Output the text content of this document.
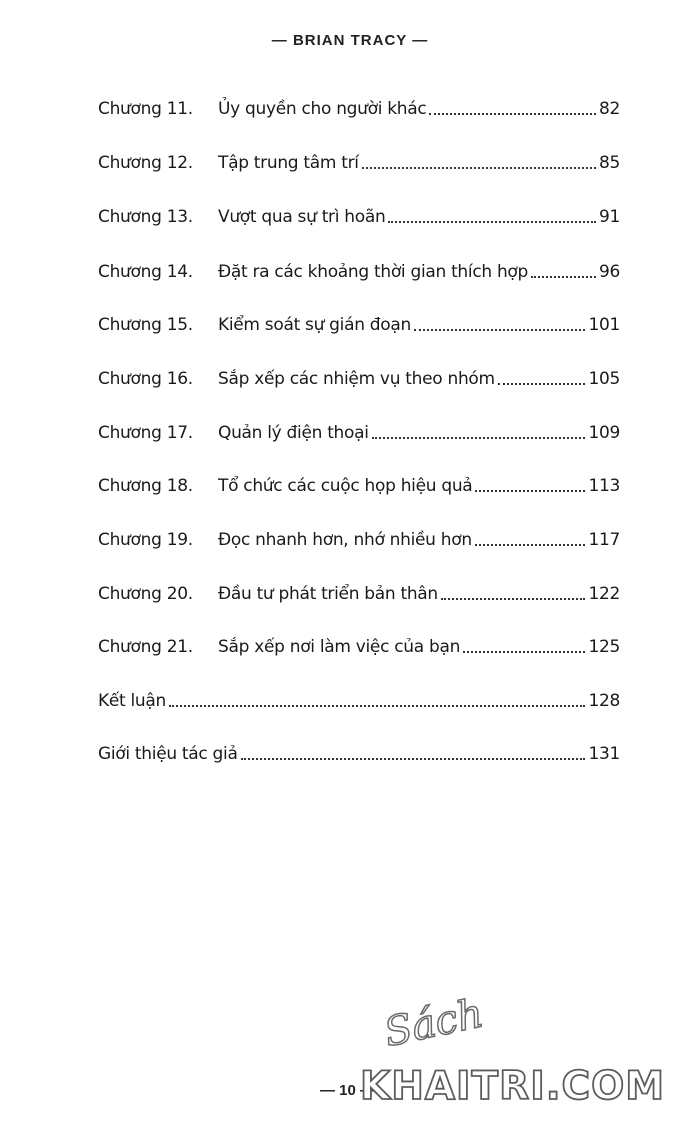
— BRIAN TRACY —
Chương 11.	Ủy quyền cho người khác	82
Chương 12.	Tập trung tâm trí	85
Chương 13.	Vượt qua sự trì hoãn	91
Chương 14.	Đặt ra các khoảng thời gian thích hợp	96
Chương 15.	Kiểm soát sự gián đoạn	101
Chương 16.	Sắp xếp các nhiệm vụ theo nhóm	105
Chương 17.	Quản lý điện thoại	109
Chương 18.	Tổ chức các cuộc họp hiệu quả	113
Chương 19.	Đọc nhanh hơn, nhớ nhiều hơn	117
Chương 20.	Đầu tư phát triển bản thân	122
Chương 21.	Sắp xếp nơi làm việc của bạn	125
Kết luận	128
Giới thiệu tác giả	131
— 10 —
Sách
KHAITRI.COM
